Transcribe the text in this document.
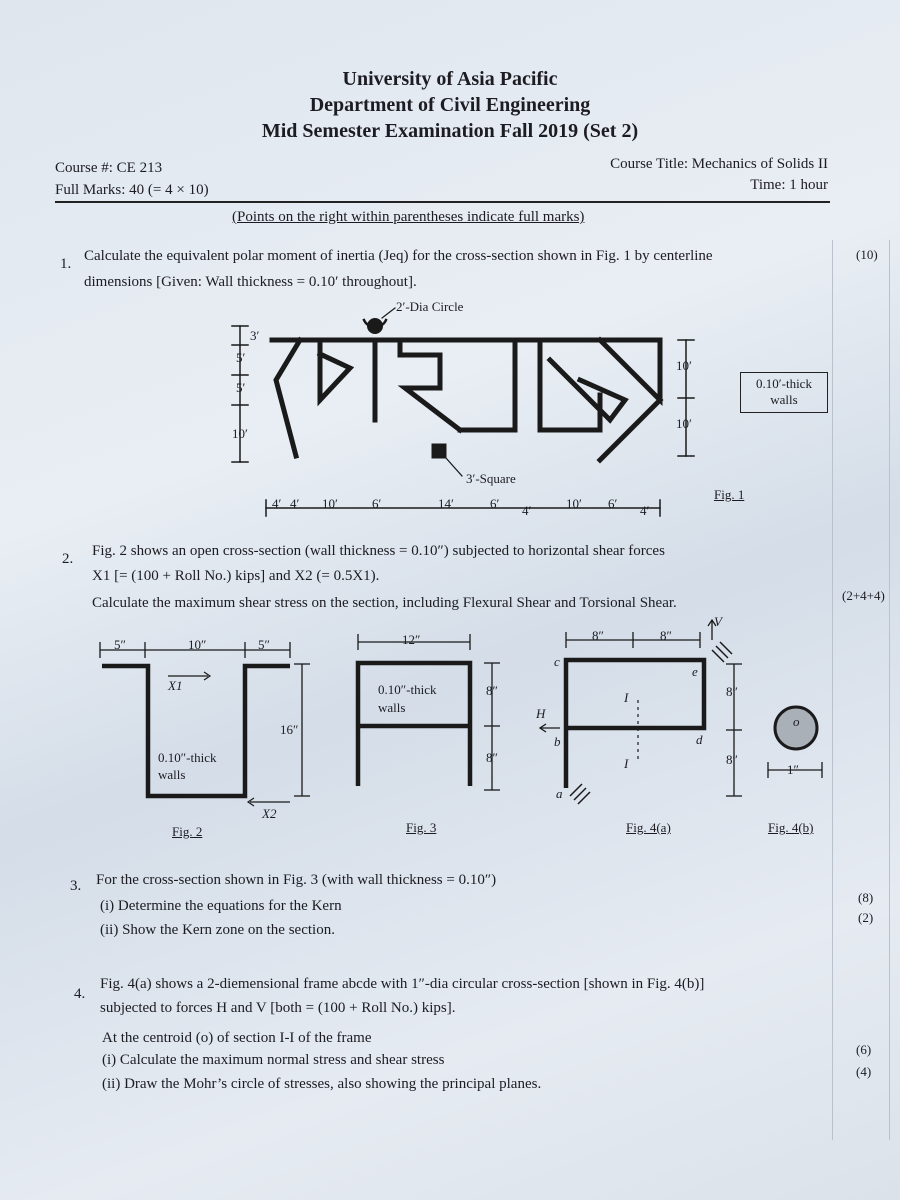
University of Asia Pacific
Department of Civil Engineering
Mid Semester Examination Fall 2019 (Set 2)
Course #: CE 213
Full Marks: 40 (= 4 × 10)
Course Title: Mechanics of Solids II
Time: 1 hour
(Points on the right within parentheses indicate full marks)
1. Calculate the equivalent polar moment of inertia (Jeq) for the cross-section shown in Fig. 1 by centerline
dimensions [Given: Wall thickness = 0.10′ throughout].
(10)
2′-Dia Circle
3′-Square
3′
5′
5′
10′
10′
10′
0.10′-thick
walls
4′ 4′ 10′	6′	14′	6′ 4′	10′ 6′ 4′
Fig. 1
2. Fig. 2 shows an open cross-section (wall thickness = 0.10″) subjected to horizontal shear forces
X1 [= (100 + Roll No.) kips] and X2 (= 0.5X1).
Calculate the maximum shear stress on the section, including Flexural Shear and Torsional Shear.	(2+4+4)
5″	10″	5″
16″
X1
X2
0.10″-thick
walls
Fig. 2
12″
0.10″-thick
walls
8″
8″
Fig. 3
8″	8″
V
H
a
b
c
d
e
I
I
8″
8″
Fig. 4(a)
o
1″
Fig. 4(b)
3. For the cross-section shown in Fig. 3 (with wall thickness = 0.10″)
(i) Determine the equations for the Kern
(ii) Show the Kern zone on the section.
(8)
(2)
4.
Fig. 4(a) shows a 2-diemensional frame abcde with 1″-dia circular cross-section [shown in Fig. 4(b)]
subjected to forces H and V [both = (100 + Roll No.) kips].
At the centroid (o) of section I-I of the frame
(i) Calculate the maximum normal stress and shear stress
(ii) Draw the Mohr’s circle of stresses, also showing the principal planes.
(6)
(4)
